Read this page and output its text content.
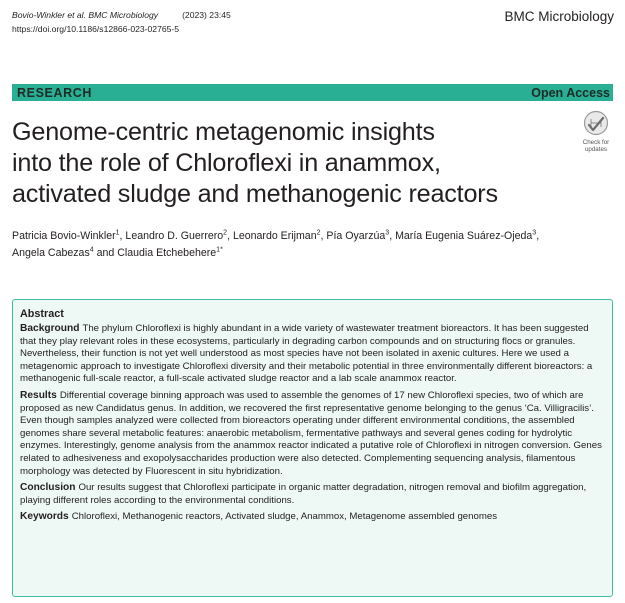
Bovio-Winkler et al. BMC Microbiology	(2023) 23:45
https://doi.org/10.1186/s12866-023-02765-5
BMC Microbiology
RESEARCH	Open Access
Genome-centric metagenomic insights
into the role of Chloroflexi in anammox,
activated sludge and methanogenic reactors
Check for
updates
Patricia Bovio-Winkler$^1$, Leandro D. Guerrero$^2$, Leonardo Erijman$^2$, Pía Oyarzúa$^3$, María Eugenia Suárez-Ojeda$^3$,
Angela Cabezas$^4$ and Claudia Etchebehere$^{1*}$
Abstract

Background The phylum Chloroflexi is highly abundant in a wide variety of wastewater treatment bioreactors. It has been suggested that they play relevant roles in these ecosystems, particularly in degrading carbon compounds and on structuring flocs or granules. Nevertheless, their function is not yet well understood as most species have not been isolated in axenic cultures. Here we used a metagenomic approach to investigate Chloroflexi diversity and their metabolic potential in three environmentally different bioreactors: a methanogenic full-scale reactor, a full-scale activated sludge reactor and a lab scale anammox reactor.

Results Differential coverage binning approach was used to assemble the genomes of 17 new Chloroflexi species, two of which are proposed as new Candidatus genus. In addition, we recovered the first representative genome belonging to the genus ‘Ca. Villigracilis’. Even though samples analyzed were collected from bioreactors operating under different environmental conditions, the assembled genomes share several metabolic features: anaerobic metabolism, fermentative pathways and several genes coding for hydrolytic enzymes. Interestingly, genome analysis from the anammox reactor indicated a putative role of Chloroflexi in nitrogen conversion. Genes related to adhesiveness and exopolysaccharides production were also detected. Complementing sequencing analysis, filamentous morphology was detected by Fluorescent in situ hybridization.

Conclusion Our results suggest that Chloroflexi participate in organic matter degradation, nitrogen removal and biofilm aggregation, playing different roles according to the environmental conditions.

Keywords Chloroflexi, Methanogenic reactors, Activated sludge, Anammox, Metagenome assembled genomes
